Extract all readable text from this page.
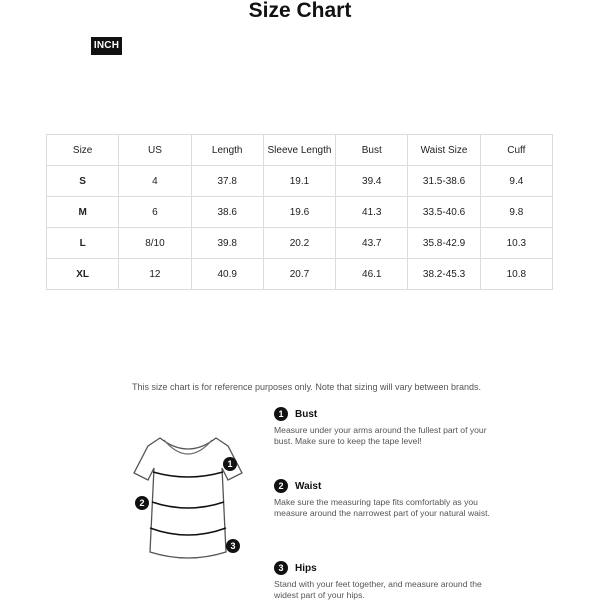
Size Chart
INCH
Size	US	Length	Sleeve Length	Bust	Waist Size	Cuff
S	4	37.8	19.1	39.4	31.5-38.6	9.4
M	6	38.6	19.6	41.3	33.5-40.6	9.8
L	8/10	39.8	20.2	43.7	35.8-42.9	10.3
XL	12	40.9	20.7	46.1	38.2-45.3	10.8
This size chart is for reference purposes only. Note that sizing will vary between brands.
1
2
3
1	Bust
Measure under your arms around the fullest part of your bust. Make sure to keep the tape level!
2	Waist
Make sure the measuring tape fits comfortably as you measure around the narrowest part of your natural waist.
3	Hips
Stand with your feet together, and measure around the widest part of your hips.
